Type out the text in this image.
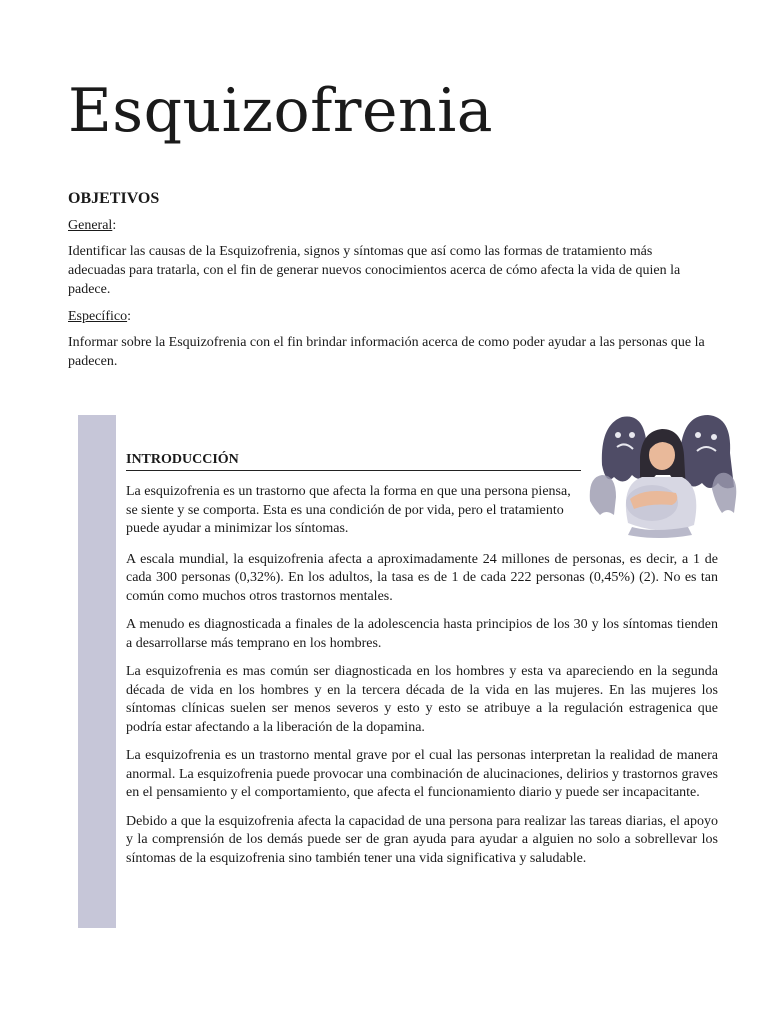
Esquizofrenia
OBJETIVOS
General:

Identificar las causas de la Esquizofrenia, signos y síntomas que así como las formas de tratamiento más adecuadas para tratarla, con el fin de generar nuevos conocimientos acerca de cómo afecta la vida de quien la padece.

Específico:

Informar sobre la Esquizofrenia con el fin brindar información acerca de como poder ayudar a las personas que la padecen.

INTRODUCCIÓN

La esquizofrenia es un trastorno que afecta la forma en que una persona piensa, se siente y se comporta. Esta es una condición de por vida, pero el tratamiento puede ayudar a minimizar los síntomas.

A escala mundial, la esquizofrenia afecta a aproximadamente 24 millones de personas, es decir, a 1 de cada 300 personas (0,32%). En los adultos, la tasa es de 1 de cada 222 personas (0,45%) (2). No es tan común como muchos otros trastornos mentales.

A menudo es diagnosticada a finales de la adolescencia hasta principios de los 30 y los síntomas tienden a desarrollarse más temprano en los hombres.

La esquizofrenia es mas común ser diagnosticada en los hombres y esta va apareciendo en la segunda década de vida en los hombres y en la tercera década de la vida en las mujeres. En las mujeres los síntomas clínicas suelen ser menos severos y esto y esto se atribuye a la regulación estragenica que podría estar afectando a la liberación de la dopamina.

La esquizofrenia es un trastorno mental grave por el cual las personas interpretan la realidad de manera anormal. La esquizofrenia puede provocar una combinación de alucinaciones, delirios y trastornos graves en el pensamiento y el comportamiento, que afecta el funcionamiento diario y puede ser incapacitante.

Debido a que la esquizofrenia afecta la capacidad de una persona para realizar las tareas diarias, el apoyo y la comprensión de los demás puede ser de gran ayuda para ayudar a alguien no solo a sobrellevar los síntomas de la esquizofrenia sino también tener una vida significativa y saludable.
